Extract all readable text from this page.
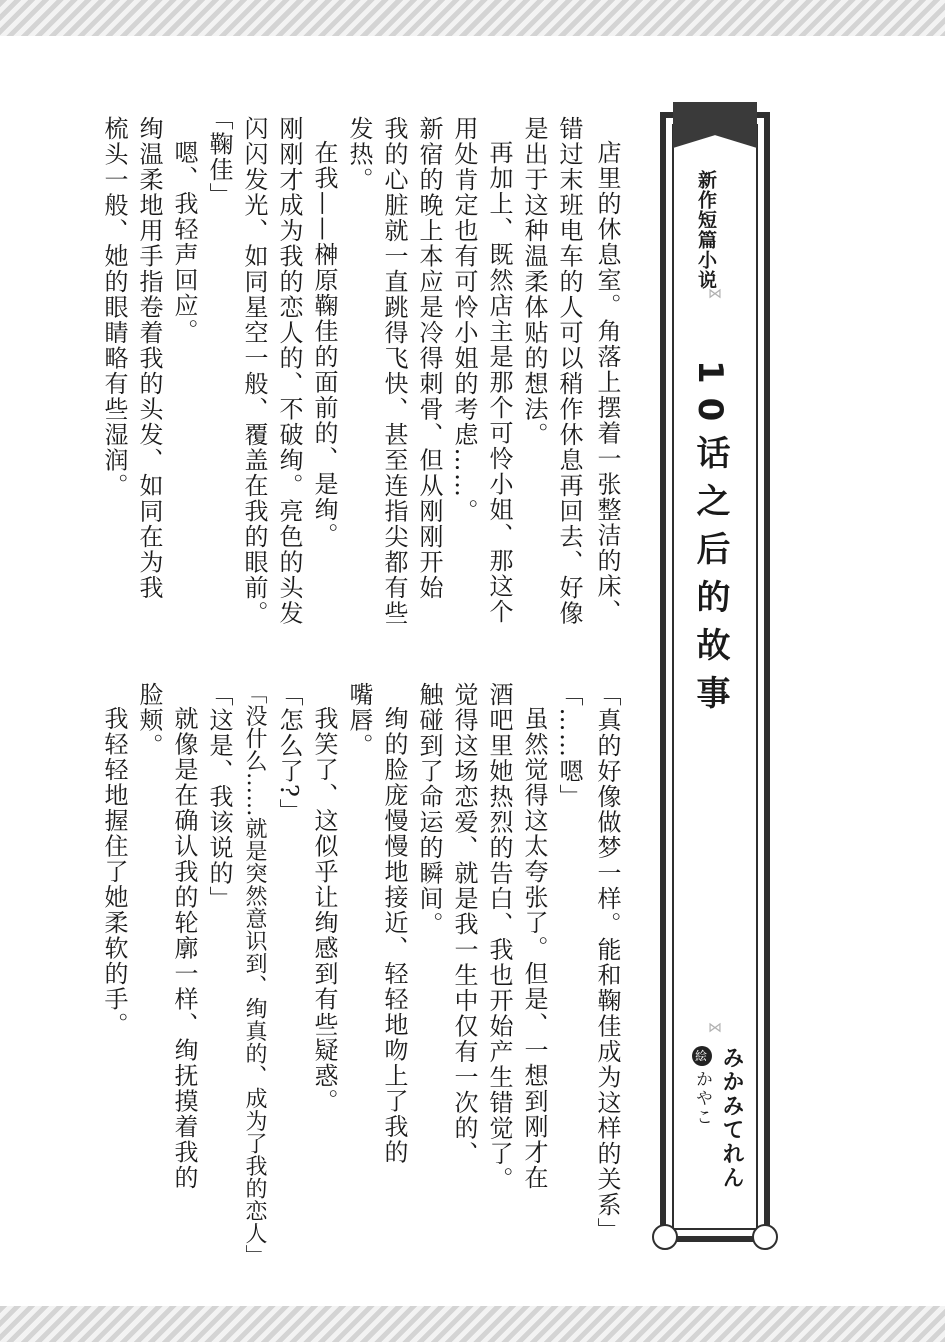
新作短篇小说
⋈
10话之后的故事
⋈
みかみてれん
絵かやこ
店里的休息室。角落上摆着一张整洁的床、
错过末班电车的人可以稍作休息再回去、好像
是出于这种温柔体贴的想法。
再加上、既然店主是那个可怜小姐、那这个
用处肯定也有可怜小姐的考虑……。
新宿的晚上本应是冷得刺骨、但从刚刚开始
我的心脏就一直跳得飞快、甚至连指尖都有些
发热。
在我——榊原鞠佳的面前的、是绚。
刚刚才成为我的恋人的、不破绚。亮色的头发
闪闪发光、如同星空一般、覆盖在我的眼前。
「鞠佳」
嗯、我轻声回应。
绚温柔地用手指卷着我的头发、如同在为我
梳头一般、她的眼睛略有些湿润。
「真的好像做梦一样。能和鞠佳成为这样的关系」
「……嗯」
虽然觉得这太夸张了。但是、一想到刚才在
酒吧里她热烈的告白、我也开始产生错觉了。
觉得这场恋爱、就是我一生中仅有一次的、
触碰到了命运的瞬间。
绚的脸庞慢慢地接近、轻轻地吻上了我的
嘴唇。
我笑了、这似乎让绚感到有些疑惑。
「怎么了?」
「没什么……就是突然意识到、绚真的、成为了我的恋人」
「这是、我该说的」
就像是在确认我的轮廓一样、绚抚摸着我的
脸颊。
我轻轻地握住了她柔软的手。
